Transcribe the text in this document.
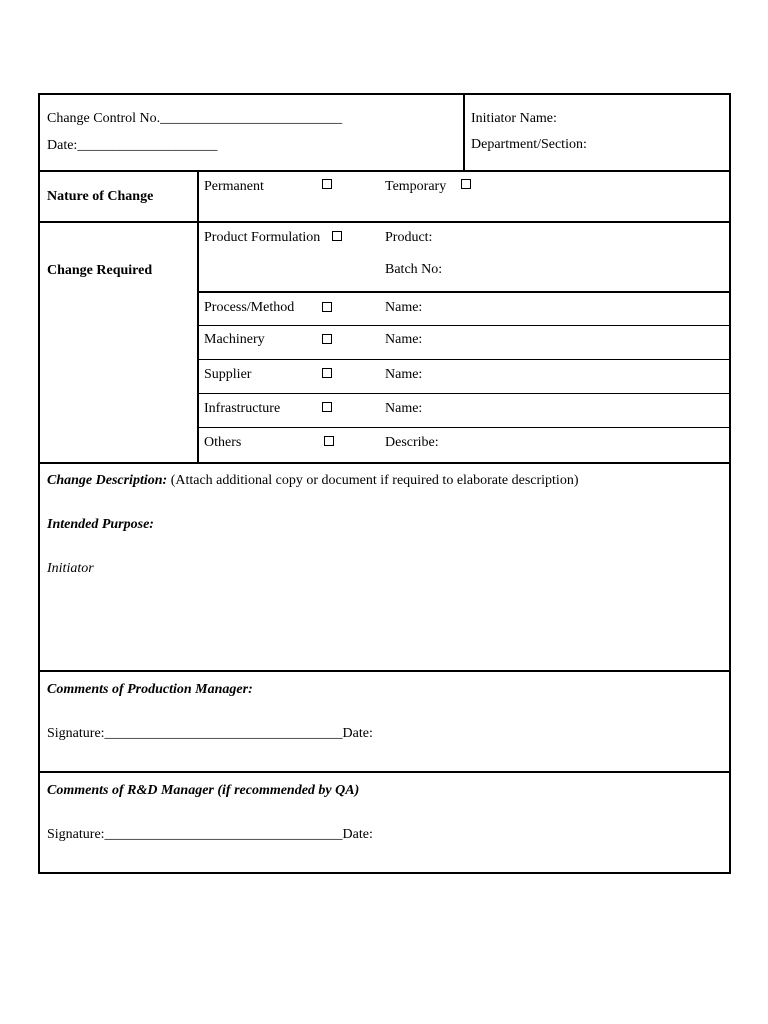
Change Control No.__________________________
Date:____________________
Initiator Name:
Department/Section:
Nature of Change
Permanent	Temporary
Change Required
Product Formulation	Product:
Batch No:
Process/Method	Name:
Machinery	Name:
Supplier	Name:
Infrastructure	Name:
Others	Describe:
Change Description: (Attach additional copy or document if required to elaborate description)
Intended Purpose:
Initiator
Comments of Production Manager:
Signature:__________________________________Date:
Comments of R&D Manager (if recommended by QA)
Signature:__________________________________Date:
